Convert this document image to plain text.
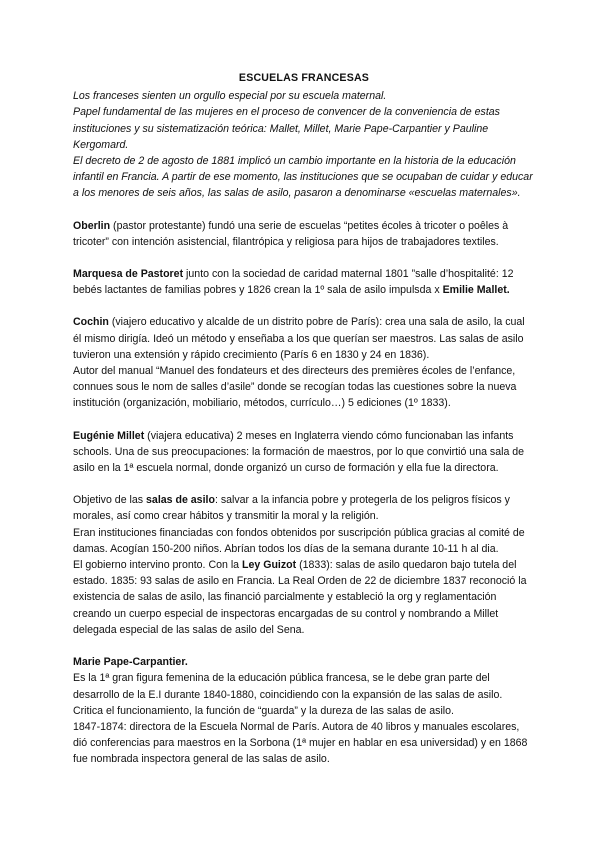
ESCUELAS FRANCESAS

Los franceses sienten un orgullo especial por su escuela maternal.

Papel fundamental de las mujeres en el proceso de convencer de la conveniencia de estas instituciones y su sistematización teórica: Mallet, Millet, Marie Pape-Carpantier y Pauline Kergomard.

El decreto de 2 de agosto de 1881 implicó un cambio importante en la historia de la educación infantil en Francia. A partir de ese momento, las instituciones que se ocupaban de cuidar y educar a los menores de seis años, las salas de asilo, pasaron a denominarse «escuelas maternales».

Oberlin (pastor protestante) fundó una serie de escuelas “petites écoles à tricoter o poêles à tricoter” con intención asistencial, filantrópica y religiosa para hijos de trabajadores textiles.

Marquesa de Pastoret junto con la sociedad de caridad maternal 1801 ”salle d’hospitalité: 12 bebés lactantes de familias pobres y 1826 crean la 1º sala de asilo impulsda x Emilie Mallet.

Cochin (viajero educativo y alcalde de un distrito pobre de París): crea una sala de asilo, la cual él mismo dirigía. Ideó un método y enseñaba a los que querían ser maestros. Las salas de asilo tuvieron una extensión y rápido crecimiento (París 6 en 1830 y 24 en 1836).

Autor del manual “Manuel des fondateurs et des directeurs des premières écoles de l’enfance, connues sous le nom de salles d’asile” donde se recogían todas las cuestiones sobre la nueva institución (organización, mobiliario, métodos, currículo…) 5 ediciones (1º 1833).

Eugénie Millet (viajera educativa) 2 meses en Inglaterra viendo cómo funcionaban las infants schools. Una de sus preocupaciones: la formación de maestros, por lo que convirtió una sala de asilo en la 1ª escuela normal, donde organizó un curso de formación y ella fue la directora.

Objetivo de las salas de asilo: salvar a la infancia pobre y protegerla de los peligros físicos y morales, así como crear hábitos y transmitir la moral y la religión.

Eran instituciones financiadas con fondos obtenidos por suscripción pública gracias al comité de damas. Acogían 150-200 niños. Abrían todos los días de la semana durante 10-11 h al dia.

El gobierno intervino pronto. Con la Ley Guizot (1833): salas de asilo quedaron bajo tutela del estado. 1835: 93 salas de asilo en Francia. La Real Orden de 22 de diciembre 1837 reconoció la existencia de salas de asilo, las financió parcialmente y estableció la org y reglamentación creando un cuerpo especial de inspectoras encargadas de su control y nombrando a Millet delegada especial de las salas de asilo del Sena.

Marie Pape-Carpantier.

Es la 1ª gran figura femenina de la educación pública francesa, se le debe gran parte del desarrollo de la E.I durante 1840-1880, coincidiendo con la expansión de las salas de asilo.

Critica el funcionamiento, la función de “guarda” y la dureza de las salas de asilo.

1847-1874: directora de la Escuela Normal de París. Autora de 40 libros y manuales escolares, dió conferencias para maestros en la Sorbona (1ª mujer en hablar en esa universidad) y en 1868 fue nombrada inspectora general de las salas de asilo.
